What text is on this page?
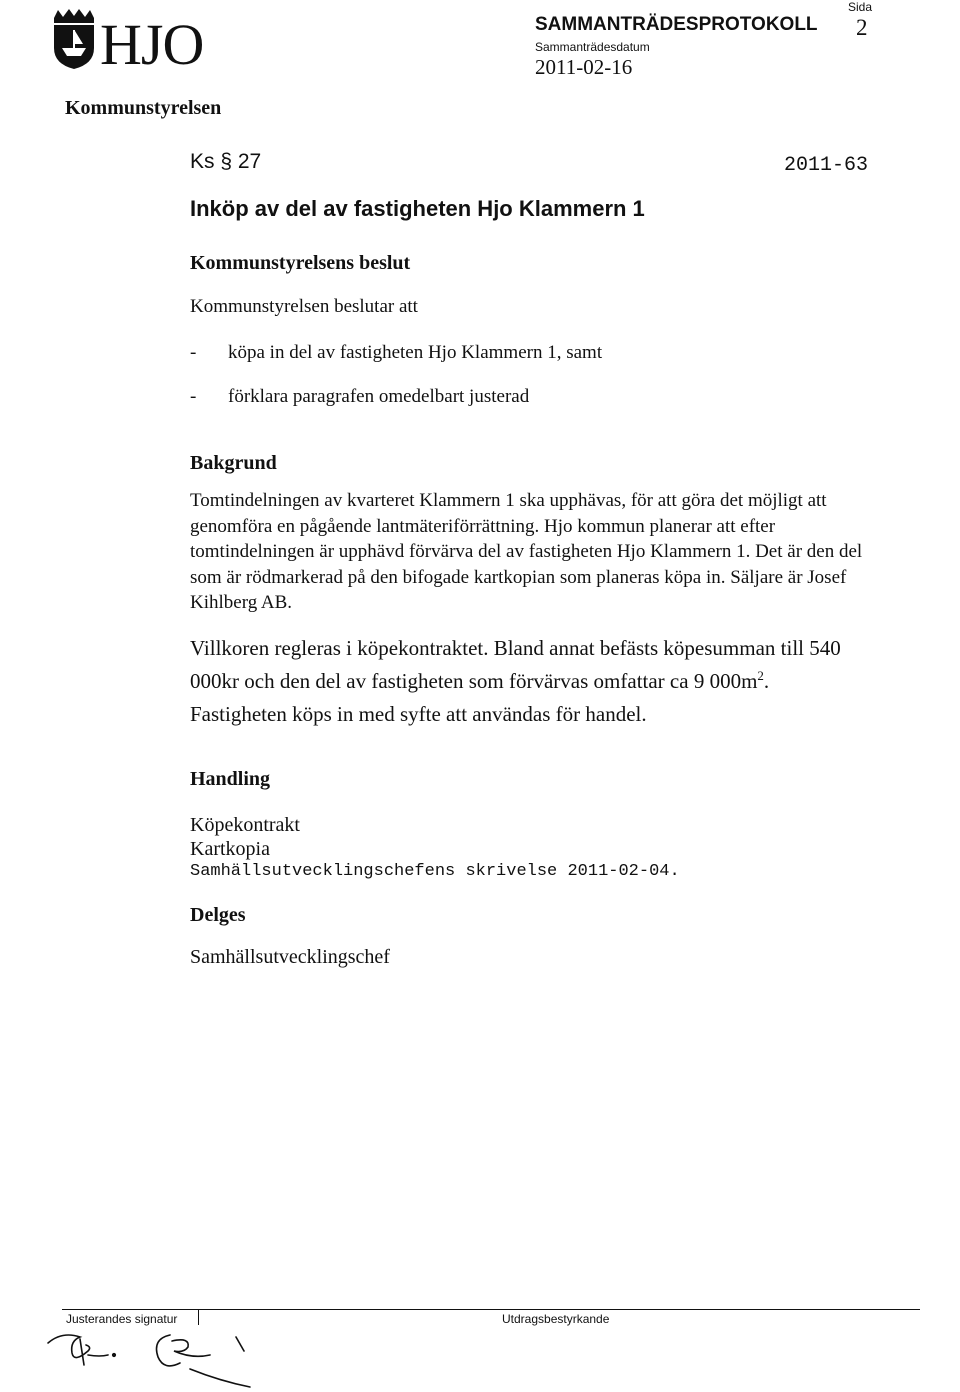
HJO	SAMMANTRÄDESPROTOKOLL
Sammanträdesdatum
2011-02-16
Sida
2
Kommunstyrelsen
Ks § 27	2011-63
Inköp av del av fastigheten Hjo Klammern 1
Kommunstyrelsens beslut
Kommunstyrelsen beslutar att
- köpa in del av fastigheten Hjo Klammern 1, samt
- förklara paragrafen omedelbart justerad
Bakgrund
Tomtindelningen av kvarteret Klammern 1 ska upphävas, för att göra det möjligt att genomföra en pågående lantmäteriförrättning. Hjo kommun planerar att efter tomtindelningen är upphävd förvärva del av fastigheten Hjo Klammern 1. Det är den del som är rödmarkerad på den bifogade kartkopian som planeras köpa in. Säljare är Josef Kihlberg AB.
Villkoren regleras i köpekontraktet. Bland annat befästs köpesumman till 540 000kr och den del av fastigheten som förvärvas omfattar ca 9 $000m^2$.
Fastigheten köps in med syfte att användas för handel.
Handling
Köpekontrakt
Kartkopia
Samhällsutvecklingschefens skrivelse 2011-02-04.
Delges
Samhällsutvecklingschef
Justerandes signatur	Utdragsbestyrkande
